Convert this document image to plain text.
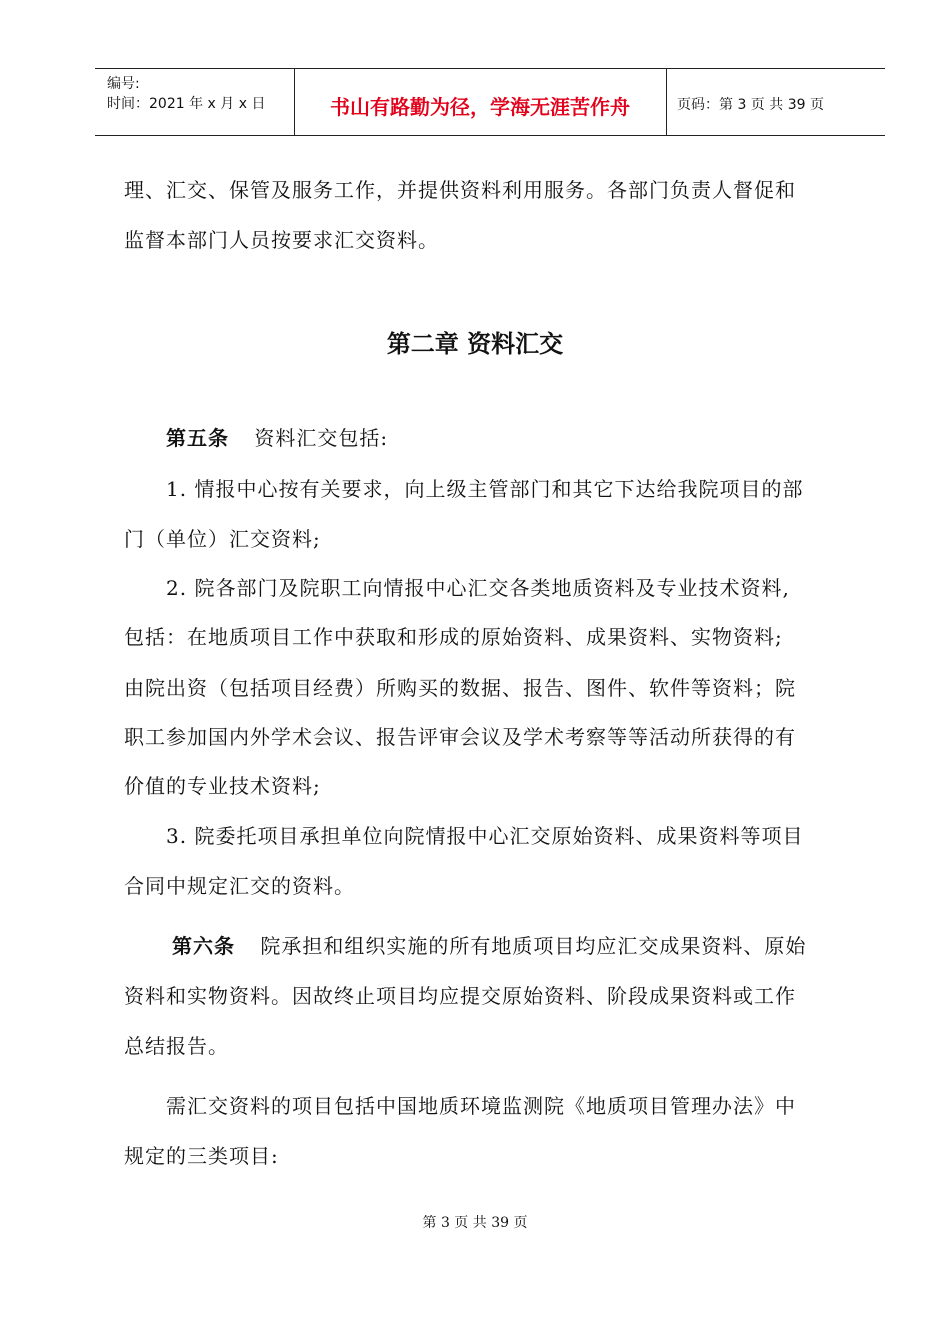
编号:
时间：2021 年 x 月 x 日	书山有路勤为径，学海无涯苦作舟	页码：第 3 页 共 39 页
理、汇交、保管及服务工作，并提供资料利用服务。各部门负责人督促和
监督本部门人员按要求汇交资料。
第二章 资料汇交
第五条 资料汇交包括:
1. 情报中心按有关要求，向上级主管部门和其它下达给我院项目的部
门（单位）汇交资料;
2. 院各部门及院职工向情报中心汇交各类地质资料及专业技术资料,
包括：在地质项目工作中获取和形成的原始资料、成果资料、实物资料;
由院出资（包括项目经费）所购买的数据、报告、图件、软件等资料；院
职工参加国内外学术会议、报告评审会议及学术考察等等活动所获得的有
价值的专业技术资料;
3. 院委托项目承担单位向院情报中心汇交原始资料、成果资料等项目
合同中规定汇交的资料。
第六条 院承担和组织实施的所有地质项目均应汇交成果资料、原始
资料和实物资料。因故终止项目均应提交原始资料、阶段成果资料或工作
总结报告。
需汇交资料的项目包括中国地质环境监测院《地质项目管理办法》中
规定的三类项目:
第 3 页 共 39 页
